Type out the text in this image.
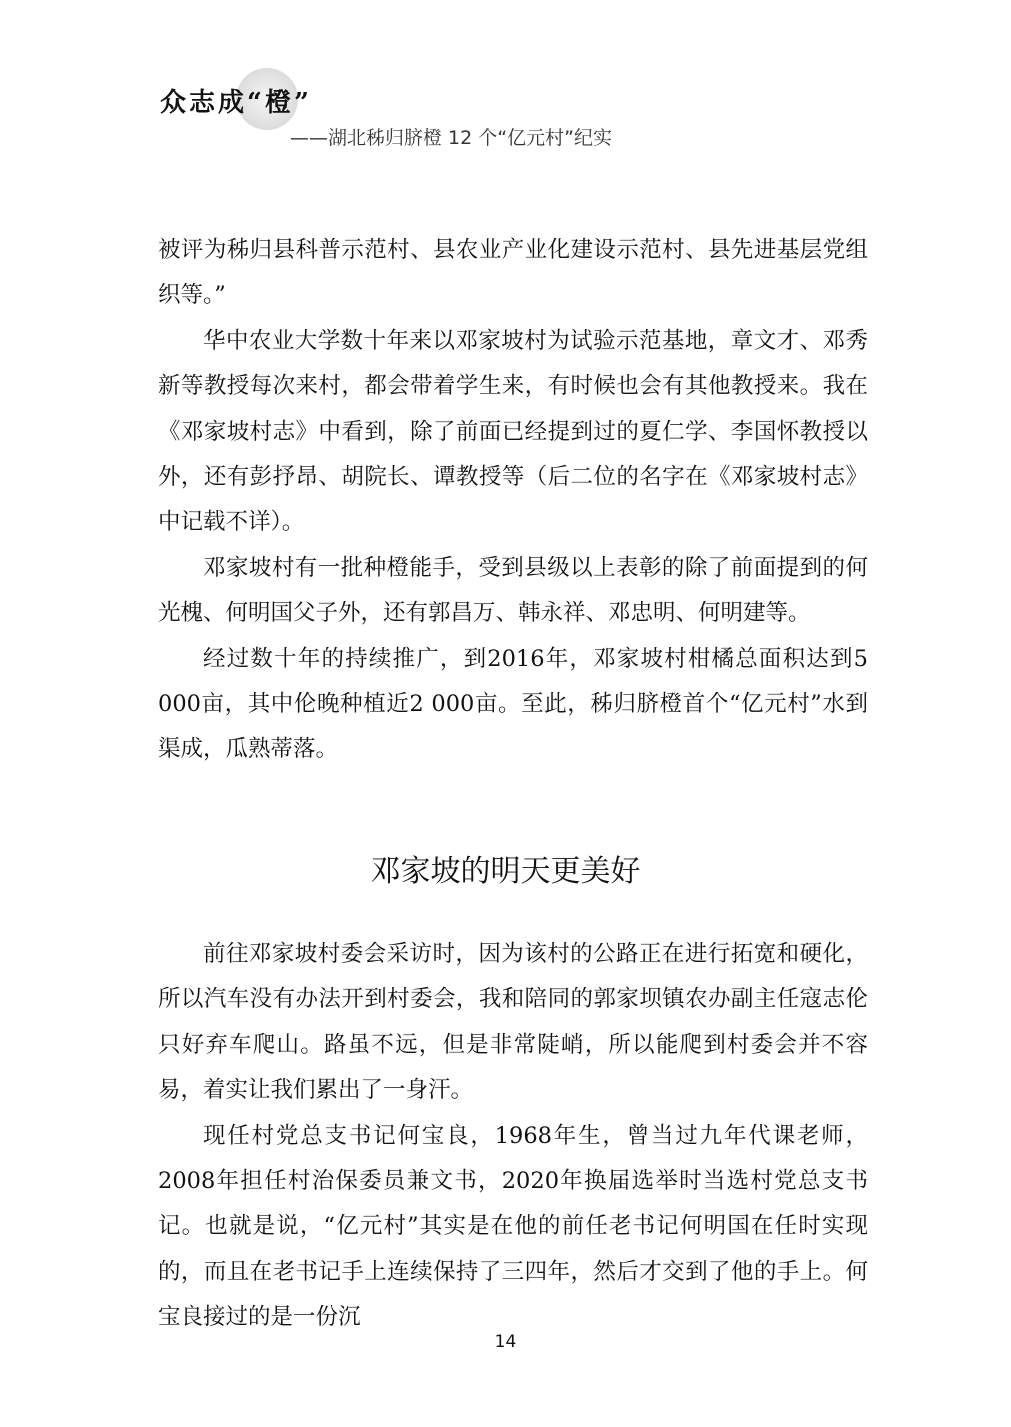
众志成“橙”
——湖北秭归脐橙 12 个“亿元村”纪实

被评为秭归县科普示范村、县农业产业化建设示范村、县先进基层党组织等。”

华中农业大学数十年来以邓家坡村为试验示范基地，章文才、邓秀新等教授每次来村，都会带着学生来，有时候也会有其他教授来。我在《邓家坡村志》中看到，除了前面已经提到过的夏仁学、李国怀教授以外，还有彭抒昂、胡院长、谭教授等（后二位的名字在《邓家坡村志》中记载不详）。

邓家坡村有一批种橙能手，受到县级以上表彰的除了前面提到的何光槐、何明国父子外，还有郭昌万、韩永祥、邓忠明、何明建等。

经过数十年的持续推广，到2016年，邓家坡村柑橘总面积达到5 000亩，其中伦晚种植近2 000亩。至此，秭归脐橙首个“亿元村”水到渠成，瓜熟蒂落。

邓家坡的明天更美好

前往邓家坡村委会采访时，因为该村的公路正在进行拓宽和硬化，所以汽车没有办法开到村委会，我和陪同的郭家坝镇农办副主任寇志伦只好弃车爬山。路虽不远，但是非常陡峭，所以能爬到村委会并不容易，着实让我们累出了一身汗。

现任村党总支书记何宝良，1968年生，曾当过九年代课老师，2008年担任村治保委员兼文书，2020年换届选举时当选村党总支书记。也就是说，“亿元村”其实是在他的前任老书记何明国在任时实现的，而且在老书记手上连续保持了三四年，然后才交到了他的手上。何宝良接过的是一份沉

14
